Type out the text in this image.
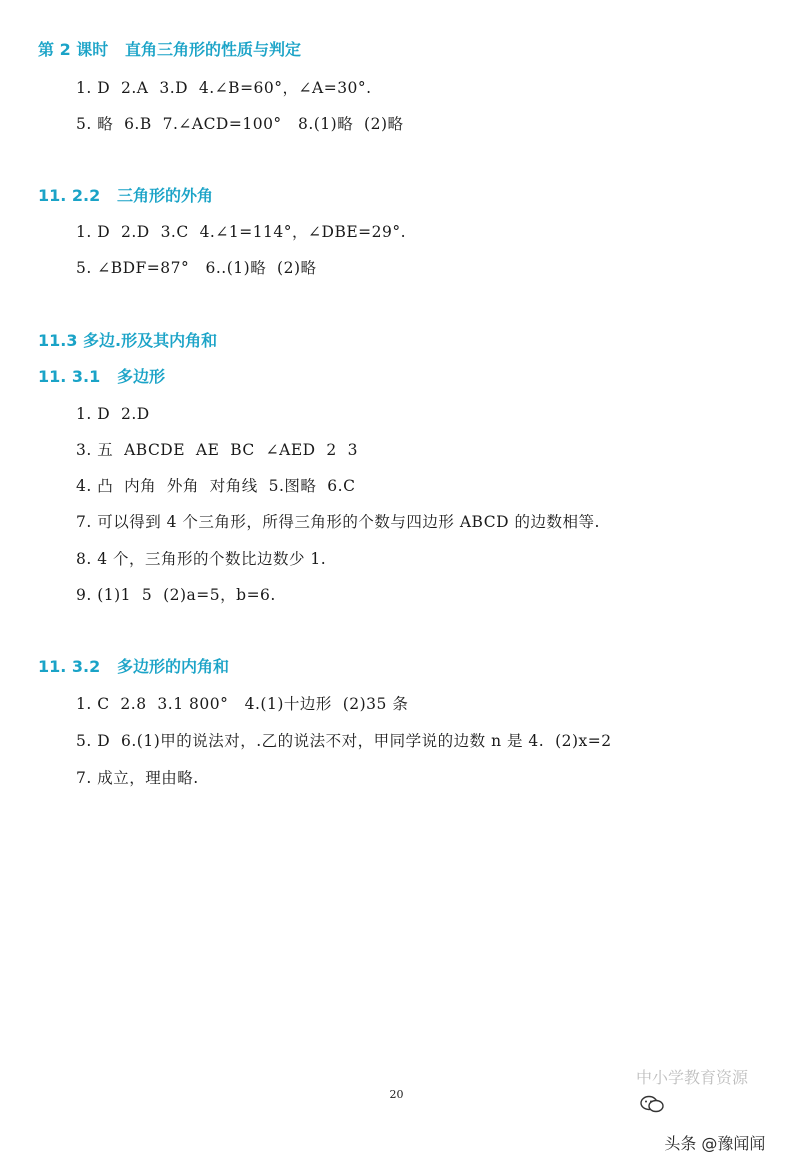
第 2 课时   直角三角形的性质与判定
1. D  2.A  3.D  4.∠B=60°，∠A=30°.
5. 略  6.B  7.∠ACD=100°   8.(1)略  (2)略
11. 2.2   三角形的外角
1. D  2.D  3.C  4.∠1=114°，∠DBE=29°.
5. ∠BDF=87°   6..(1)略  (2)略
11.3 多边.形及其内角和
11. 3.1   多边形
1. D  2.D
3. 五  ABCDE  AE  BC  ∠AED  2  3
4. 凸  内角  外角  对角线  5.图略  6.C
7. 可以得到 4 个三角形，所得三角形的个数与四边形 ABCD 的边数相等.
8. 4 个，三角形的个数比边数少 1.
9. (1)1  5  (2)a=5，b=6.
11. 3.2   多边形的内角和
1. C  2.8  3.1 800°   4.(1)十边形  (2)35 条
5. D  6.(1)甲的说法对，.乙的说法不对，甲同学说的边数 n 是 4.  (2)x=2
7. 成立，理由略.
20

中小学教育资源

头条 @豫闻闻
